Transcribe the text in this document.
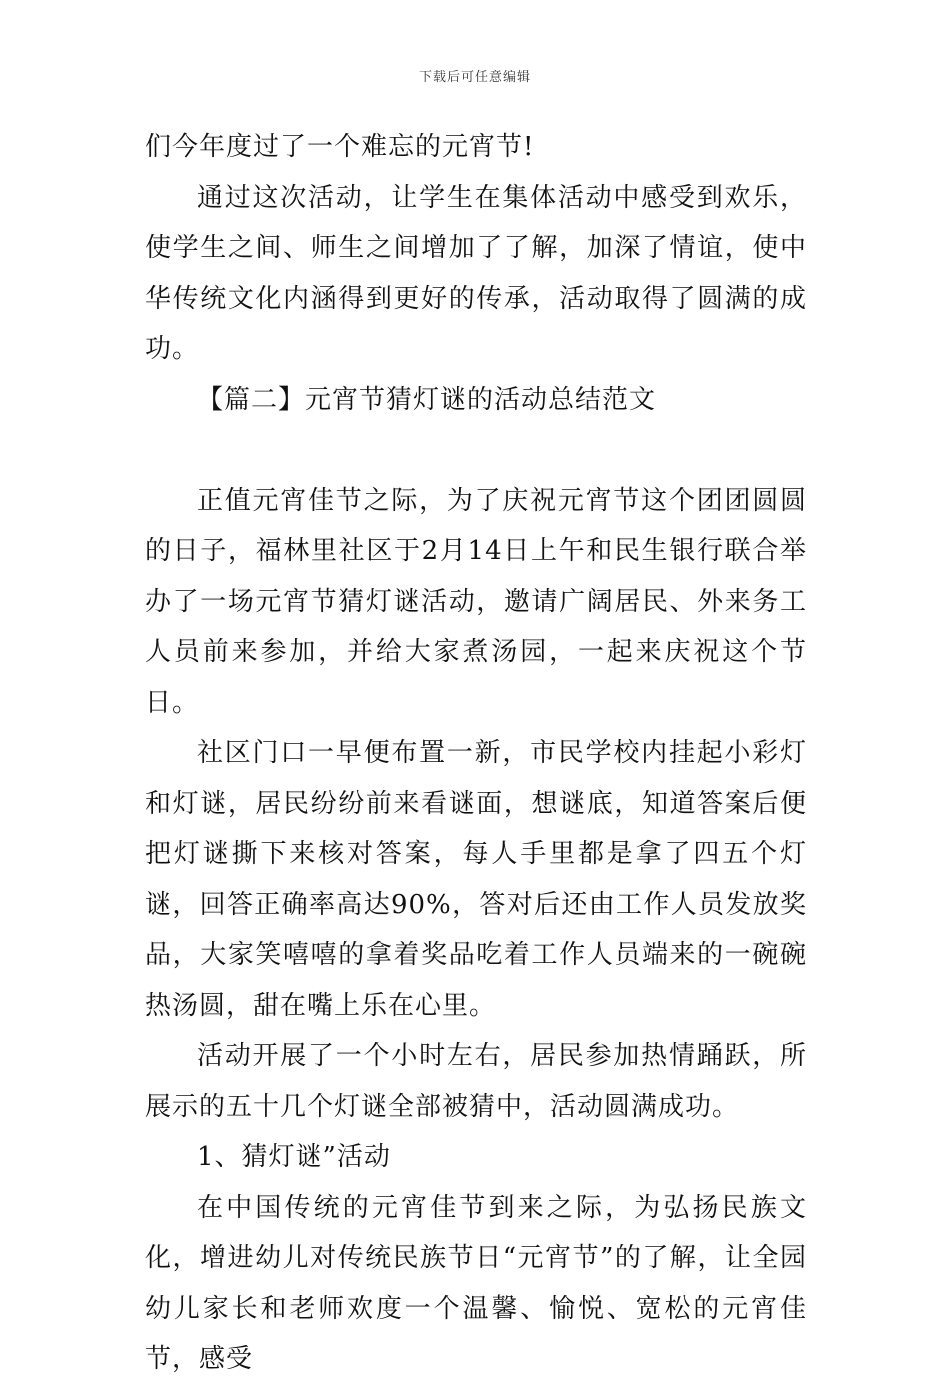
下载后可任意编辑

们今年度过了一个难忘的元宵节!

通过这次活动，让学生在集体活动中感受到欢乐，使学生之间、师生之间增加了了解，加深了情谊，使中华传统文化内涵得到更好的传承，活动取得了圆满的成功。

【篇二】元宵节猜灯谜的活动总结范文

正值元宵佳节之际，为了庆祝元宵节这个团团圆圆的日子，福林里社区于2月14日上午和民生银行联合举办了一场元宵节猜灯谜活动，邀请广阔居民、外来务工人员前来参加，并给大家煮汤园，一起来庆祝这个节日。

社区门口一早便布置一新，市民学校内挂起小彩灯和灯谜，居民纷纷前来看谜面，想谜底，知道答案后便把灯谜撕下来核对答案，每人手里都是拿了四五个灯谜，回答正确率高达90%，答对后还由工作人员发放奖品，大家笑嘻嘻的拿着奖品吃着工作人员端来的一碗碗热汤圆，甜在嘴上乐在心里。

活动开展了一个小时左右，居民参加热情踊跃，所展示的五十几个灯谜全部被猜中，活动圆满成功。

1、猜灯谜”活动

在中国传统的元宵佳节到来之际，为弘扬民族文化，增进幼儿对传统民族节日“元宵节”的了解，让全园幼儿家长和老师欢度一个温馨、愉悦、宽松的元宵佳节，感受
